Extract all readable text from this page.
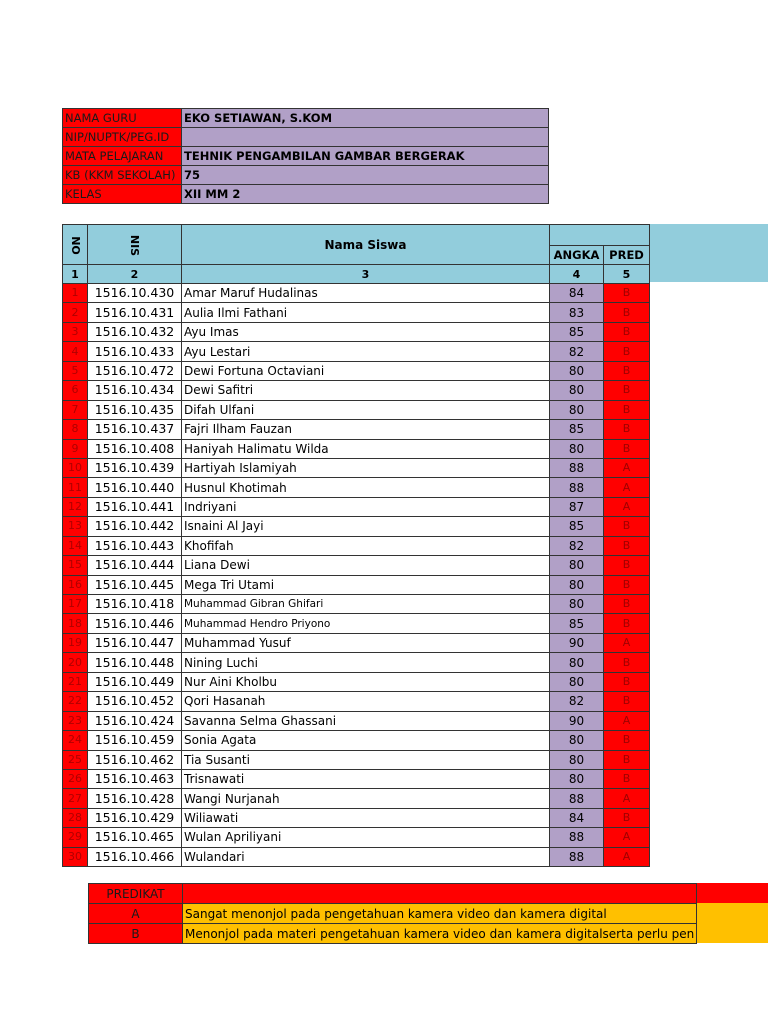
NAMA GURU	EKO SETIAWAN, S.KOM
NIP/NUPTK/PEG.ID	
MATA PELAJARAN	TEHNIK PENGAMBILAN GAMBAR BERGERAK
KB (KKM SEKOLAH)	75
KELAS	XII MM 2
NO	NIS	Nama Siswa		
			ANGKA	PRED
1	2	3	4	5
1	1516.10.430	Amar Maruf Hudalinas	84	B
2	1516.10.431	Aulia Ilmi Fathani	83	B
3	1516.10.432	Ayu Imas	85	B
4	1516.10.433	Ayu Lestari	82	B
5	1516.10.472	Dewi Fortuna Octaviani	80	B
6	1516.10.434	Dewi Safitri	80	B
7	1516.10.435	Difah Ulfani	80	B
8	1516.10.437	Fajri Ilham Fauzan	85	B
9	1516.10.408	Haniyah Halimatu Wilda	80	B
10	1516.10.439	Hartiyah Islamiyah	88	A
11	1516.10.440	Husnul Khotimah	88	A
12	1516.10.441	Indriyani	87	A
13	1516.10.442	Isnaini Al Jayi	85	B
14	1516.10.443	Khofifah	82	B
15	1516.10.444	Liana Dewi	80	B
16	1516.10.445	Mega Tri Utami	80	B
17	1516.10.418	Muhammad Gibran Ghifari	80	B
18	1516.10.446	Muhammad Hendro Priyono	85	B
19	1516.10.447	Muhammad Yusuf	90	A
20	1516.10.448	Nining Luchi	80	B
21	1516.10.449	Nur Aini Kholbu	80	B
22	1516.10.452	Qori Hasanah	82	B
23	1516.10.424	Savanna Selma Ghassani	90	A
24	1516.10.459	Sonia Agata	80	B
25	1516.10.462	Tia Susanti	80	B
26	1516.10.463	Trisnawati	80	B
27	1516.10.428	Wangi Nurjanah	88	A
28	1516.10.429	Wiliawati	84	B
29	1516.10.465	Wulan Apriliyani	88	A
30	1516.10.466	Wulandari	88	A
PREDIKAT	
A	Sangat menonjol pada pengetahuan kamera video dan kamera digital
B	Menonjol pada materi pengetahuan kamera video dan kamera digitalserta perlu pen
